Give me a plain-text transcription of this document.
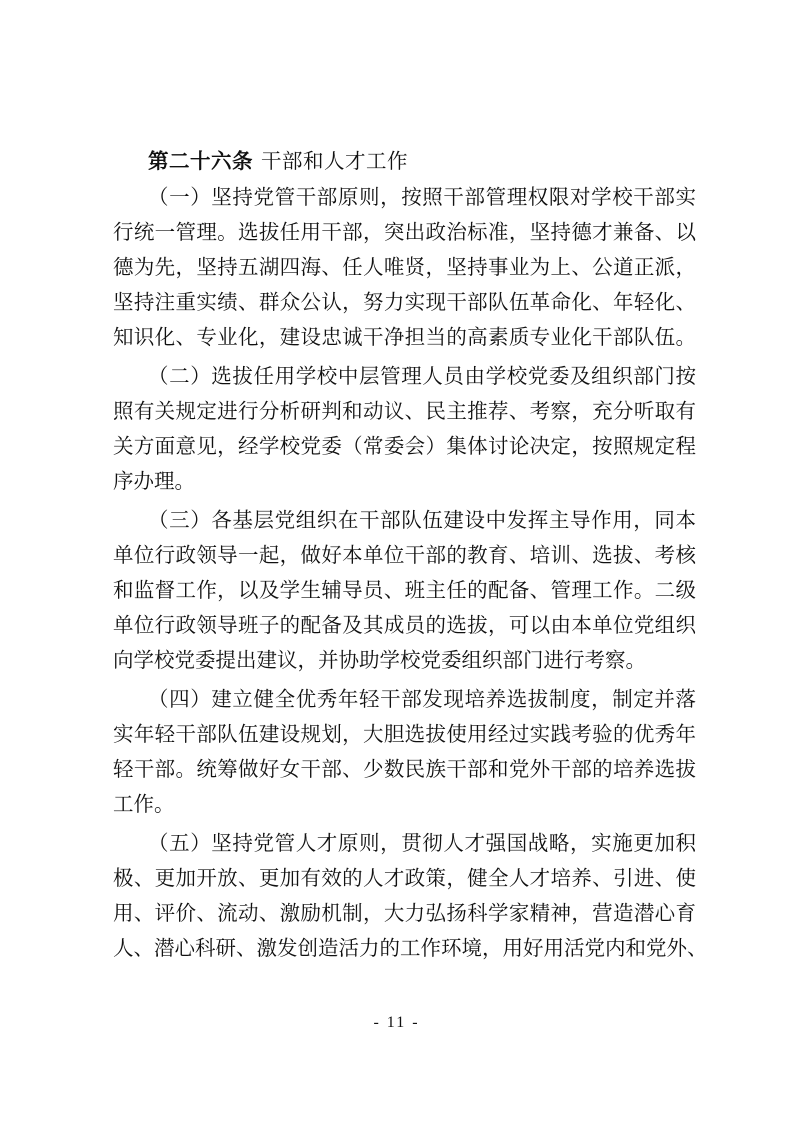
第二十六条 干部和人才工作
（一）坚持党管干部原则，按照干部管理权限对学校干部实
行统一管理。选拔任用干部，突出政治标准，坚持德才兼备、以
德为先，坚持五湖四海、任人唯贤，坚持事业为上、公道正派，
坚持注重实绩、群众公认，努力实现干部队伍革命化、年轻化、
知识化、专业化，建设忠诚干净担当的高素质专业化干部队伍。
（二）选拔任用学校中层管理人员由学校党委及组织部门按
照有关规定进行分析研判和动议、民主推荐、考察，充分听取有
关方面意见，经学校党委（常委会）集体讨论决定，按照规定程
序办理。
（三）各基层党组织在干部队伍建设中发挥主导作用，同本
单位行政领导一起，做好本单位干部的教育、培训、选拔、考核
和监督工作，以及学生辅导员、班主任的配备、管理工作。二级
单位行政领导班子的配备及其成员的选拔，可以由本单位党组织
向学校党委提出建议，并协助学校党委组织部门进行考察。
（四）建立健全优秀年轻干部发现培养选拔制度，制定并落
实年轻干部队伍建设规划，大胆选拔使用经过实践考验的优秀年
轻干部。统筹做好女干部、少数民族干部和党外干部的培养选拔
工作。
（五）坚持党管人才原则，贯彻人才强国战略，实施更加积
极、更加开放、更加有效的人才政策，健全人才培养、引进、使
用、评价、流动、激励机制，大力弘扬科学家精神，营造潜心育
人、潜心科研、激发创造活力的工作环境，用好用活党内和党外、
- 11 -
